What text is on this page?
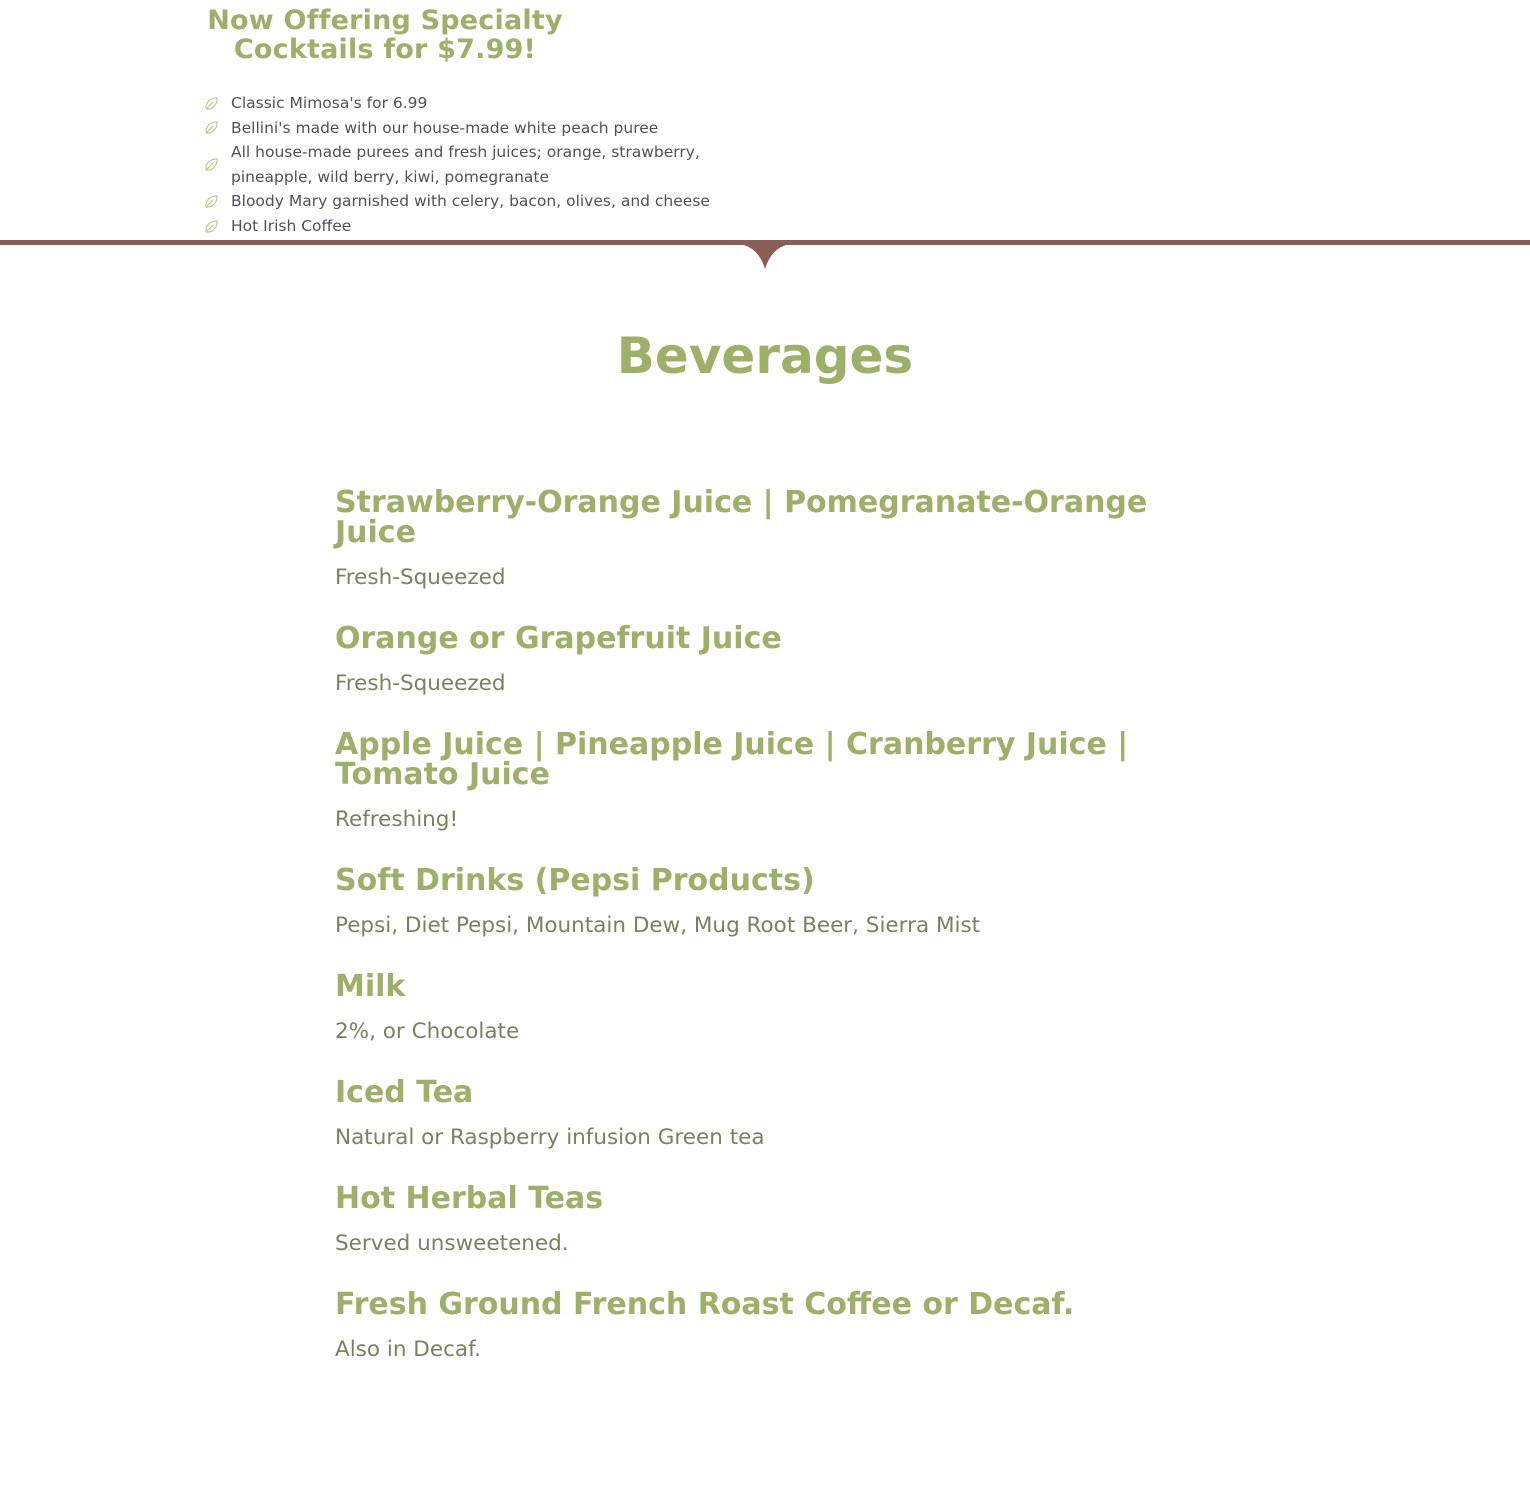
Now Offering Specialty Cocktails for $7.99!
Classic Mimosa's for 6.99
Bellini's made with our house-made white peach puree
All house-made purees and fresh juices; orange, strawberry, pineapple, wild berry, kiwi, pomegranate
Bloody Mary garnished with celery, bacon, olives, and cheese
Hot Irish Coffee
Beverages
Strawberry-Orange Juice | Pomegranate-Orange Juice

Fresh-Squeezed

Orange or Grapefruit Juice

Fresh-Squeezed

Apple Juice | Pineapple Juice | Cranberry Juice | Tomato Juice

Refreshing!

Soft Drinks (Pepsi Products)

Pepsi, Diet Pepsi, Mountain Dew, Mug Root Beer, Sierra Mist

Milk

2%, or Chocolate

Iced Tea

Natural or Raspberry infusion Green tea

Hot Herbal Teas

Served unsweetened.

Fresh Ground French Roast Coffee or Decaf.

Also in Decaf.
